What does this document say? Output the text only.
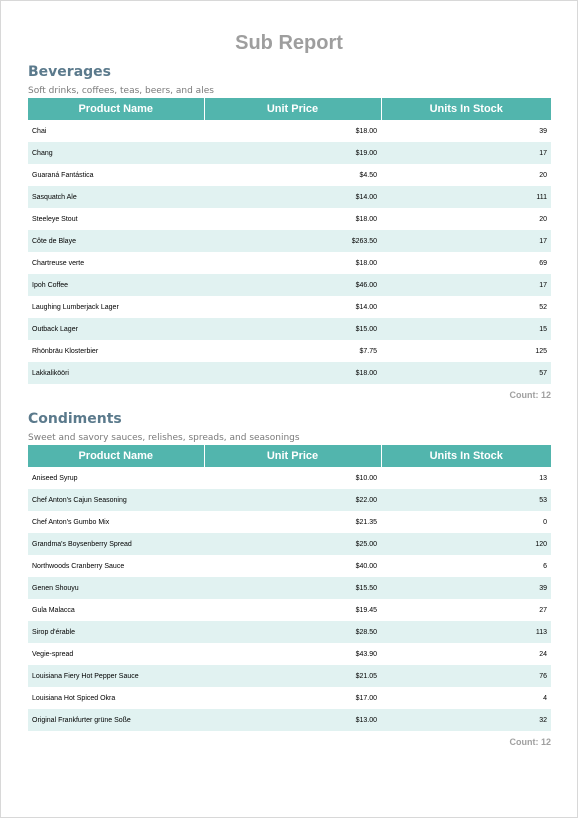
Sub Report
Beverages
Soft drinks, coffees, teas, beers, and ales
Product Name	Unit Price	Units In Stock
Chai	$18.00	39
Chang	$19.00	17
Guaraná Fantástica	$4.50	20
Sasquatch Ale	$14.00	111
Steeleye Stout	$18.00	20
Côte de Blaye	$263.50	17
Chartreuse verte	$18.00	69
Ipoh Coffee	$46.00	17
Laughing Lumberjack Lager	$14.00	52
Outback Lager	$15.00	15
Rhönbräu Klosterbier	$7.75	125
Lakkalikööri	$18.00	57
Count: 12
Condiments
Sweet and savory sauces, relishes, spreads, and seasonings
Product Name	Unit Price	Units In Stock
Aniseed Syrup	$10.00	13
Chef Anton's Cajun Seasoning	$22.00	53
Chef Anton's Gumbo Mix	$21.35	0
Grandma's Boysenberry Spread	$25.00	120
Northwoods Cranberry Sauce	$40.00	6
Genen Shouyu	$15.50	39
Gula Malacca	$19.45	27
Sirop d'érable	$28.50	113
Vegie-spread	$43.90	24
Louisiana Fiery Hot Pepper Sauce	$21.05	76
Louisiana Hot Spiced Okra	$17.00	4
Original Frankfurter grüne Soße	$13.00	32
Count: 12
